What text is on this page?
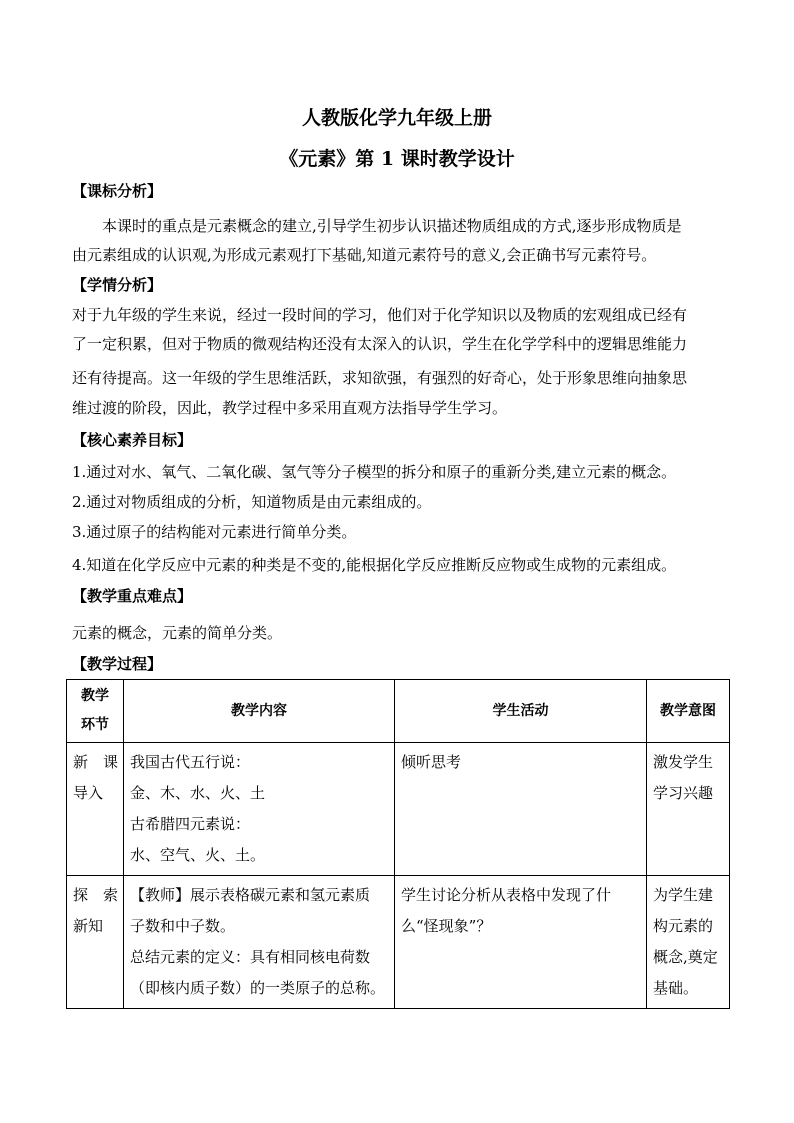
人教版化学九年级上册
《元素》第 1 课时教学设计
【课标分析】
本课时的重点是元素概念的建立,引导学生初步认识描述物质组成的方式,逐步形成物质是
由元素组成的认识观,为形成元素观打下基础,知道元素符号的意义,会正确书写元素符号。
【学情分析】
对于九年级的学生来说，经过一段时间的学习，他们对于化学知识以及物质的宏观组成已经有
了一定积累，但对于物质的微观结构还没有太深入的认识，学生在化学学科中的逻辑思维能力
还有待提高。这一年级的学生思维活跃，求知欲强，有强烈的好奇心，处于形象思维向抽象思
维过渡的阶段，因此，教学过程中多采用直观方法指导学生学习。
【核心素养目标】
1.通过对水、氧气、二氧化碳、氢气等分子模型的拆分和原子的重新分类,建立元素的概念。
2.通过对物质组成的分析，知道物质是由元素组成的。
3.通过原子的结构能对元素进行简单分类。
4.知道在化学反应中元素的种类是不变的,能根据化学反应推断反应物或生成物的元素组成。
【教学重点难点】
元素的概念，元素的简单分类。
【教学过程】
教学
环节	教学内容	学生活动	教学意图

新　课
导入	我国古代五行说：
金、木、水、火、土
古希腊四元素说：
水、空气、火、土。	倾听思考	激发学生
学习兴趣

探　索
新知	【教师】展示表格碳元素和氢元素质
子数和中子数。
总结元素的定义：具有相同核电荷数
（即核内质子数）的一类原子的总称。	学生讨论分析从表格中发现了什
么“怪现象”？	为学生建
构元素的
概念,奠定
基础。
